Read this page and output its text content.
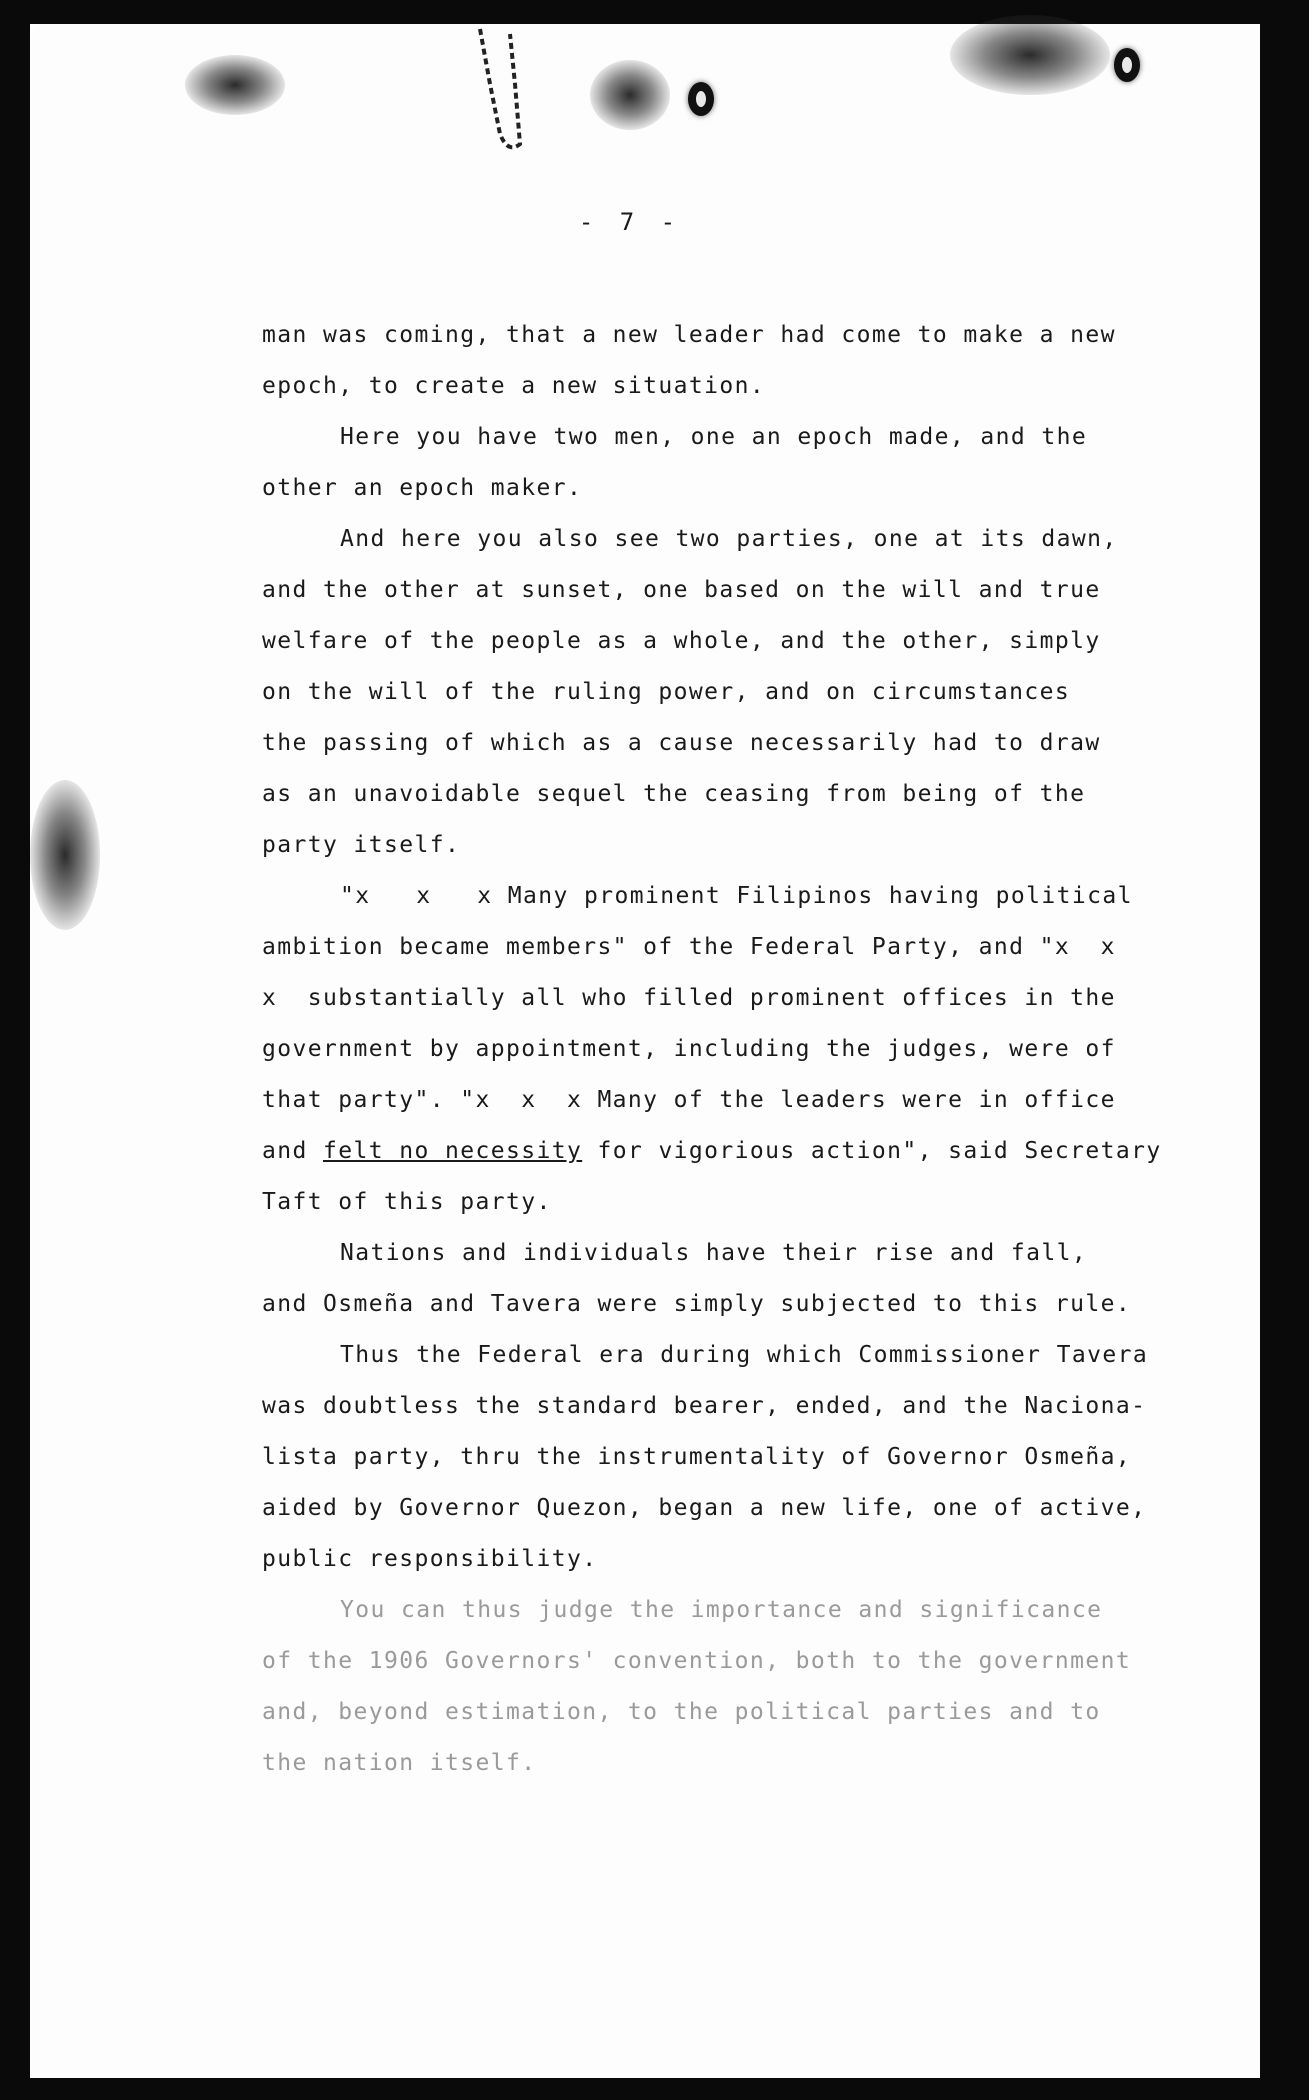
- 7 -
man was coming, that a new leader had come to make a new
epoch, to create a new situation.
Here you have two men, one an epoch made, and the
other an epoch maker.
And here you also see two parties, one at its dawn,
and the other at sunset, one based on the will and true
welfare of the people as a whole, and the other, simply
on the will of the ruling power, and on circumstances
the passing of which as a cause necessarily had to draw
as an unavoidable sequel the ceasing from being of the
party itself.
"x   x   x Many prominent Filipinos having political
ambition became members" of the Federal Party, and "x  x
x  substantially all who filled prominent offices in the
government by appointment, including the judges, were of
that party". "x  x  x Many of the leaders were in office
and felt no necessity for vigorious action", said Secretary
Taft of this party.
Nations and individuals have their rise and fall,
and Osmeña and Tavera were simply subjected to this rule.
Thus the Federal era during which Commissioner Tavera
was doubtless the standard bearer, ended, and the Naciona-
lista party, thru the instrumentality of Governor Osmeña,
aided by Governor Quezon, began a new life, one of active,
public responsibility.
You can thus judge the importance and significance
of the 1906 Governors' convention, both to the government
and, beyond estimation, to the political parties and to
the nation itself.
